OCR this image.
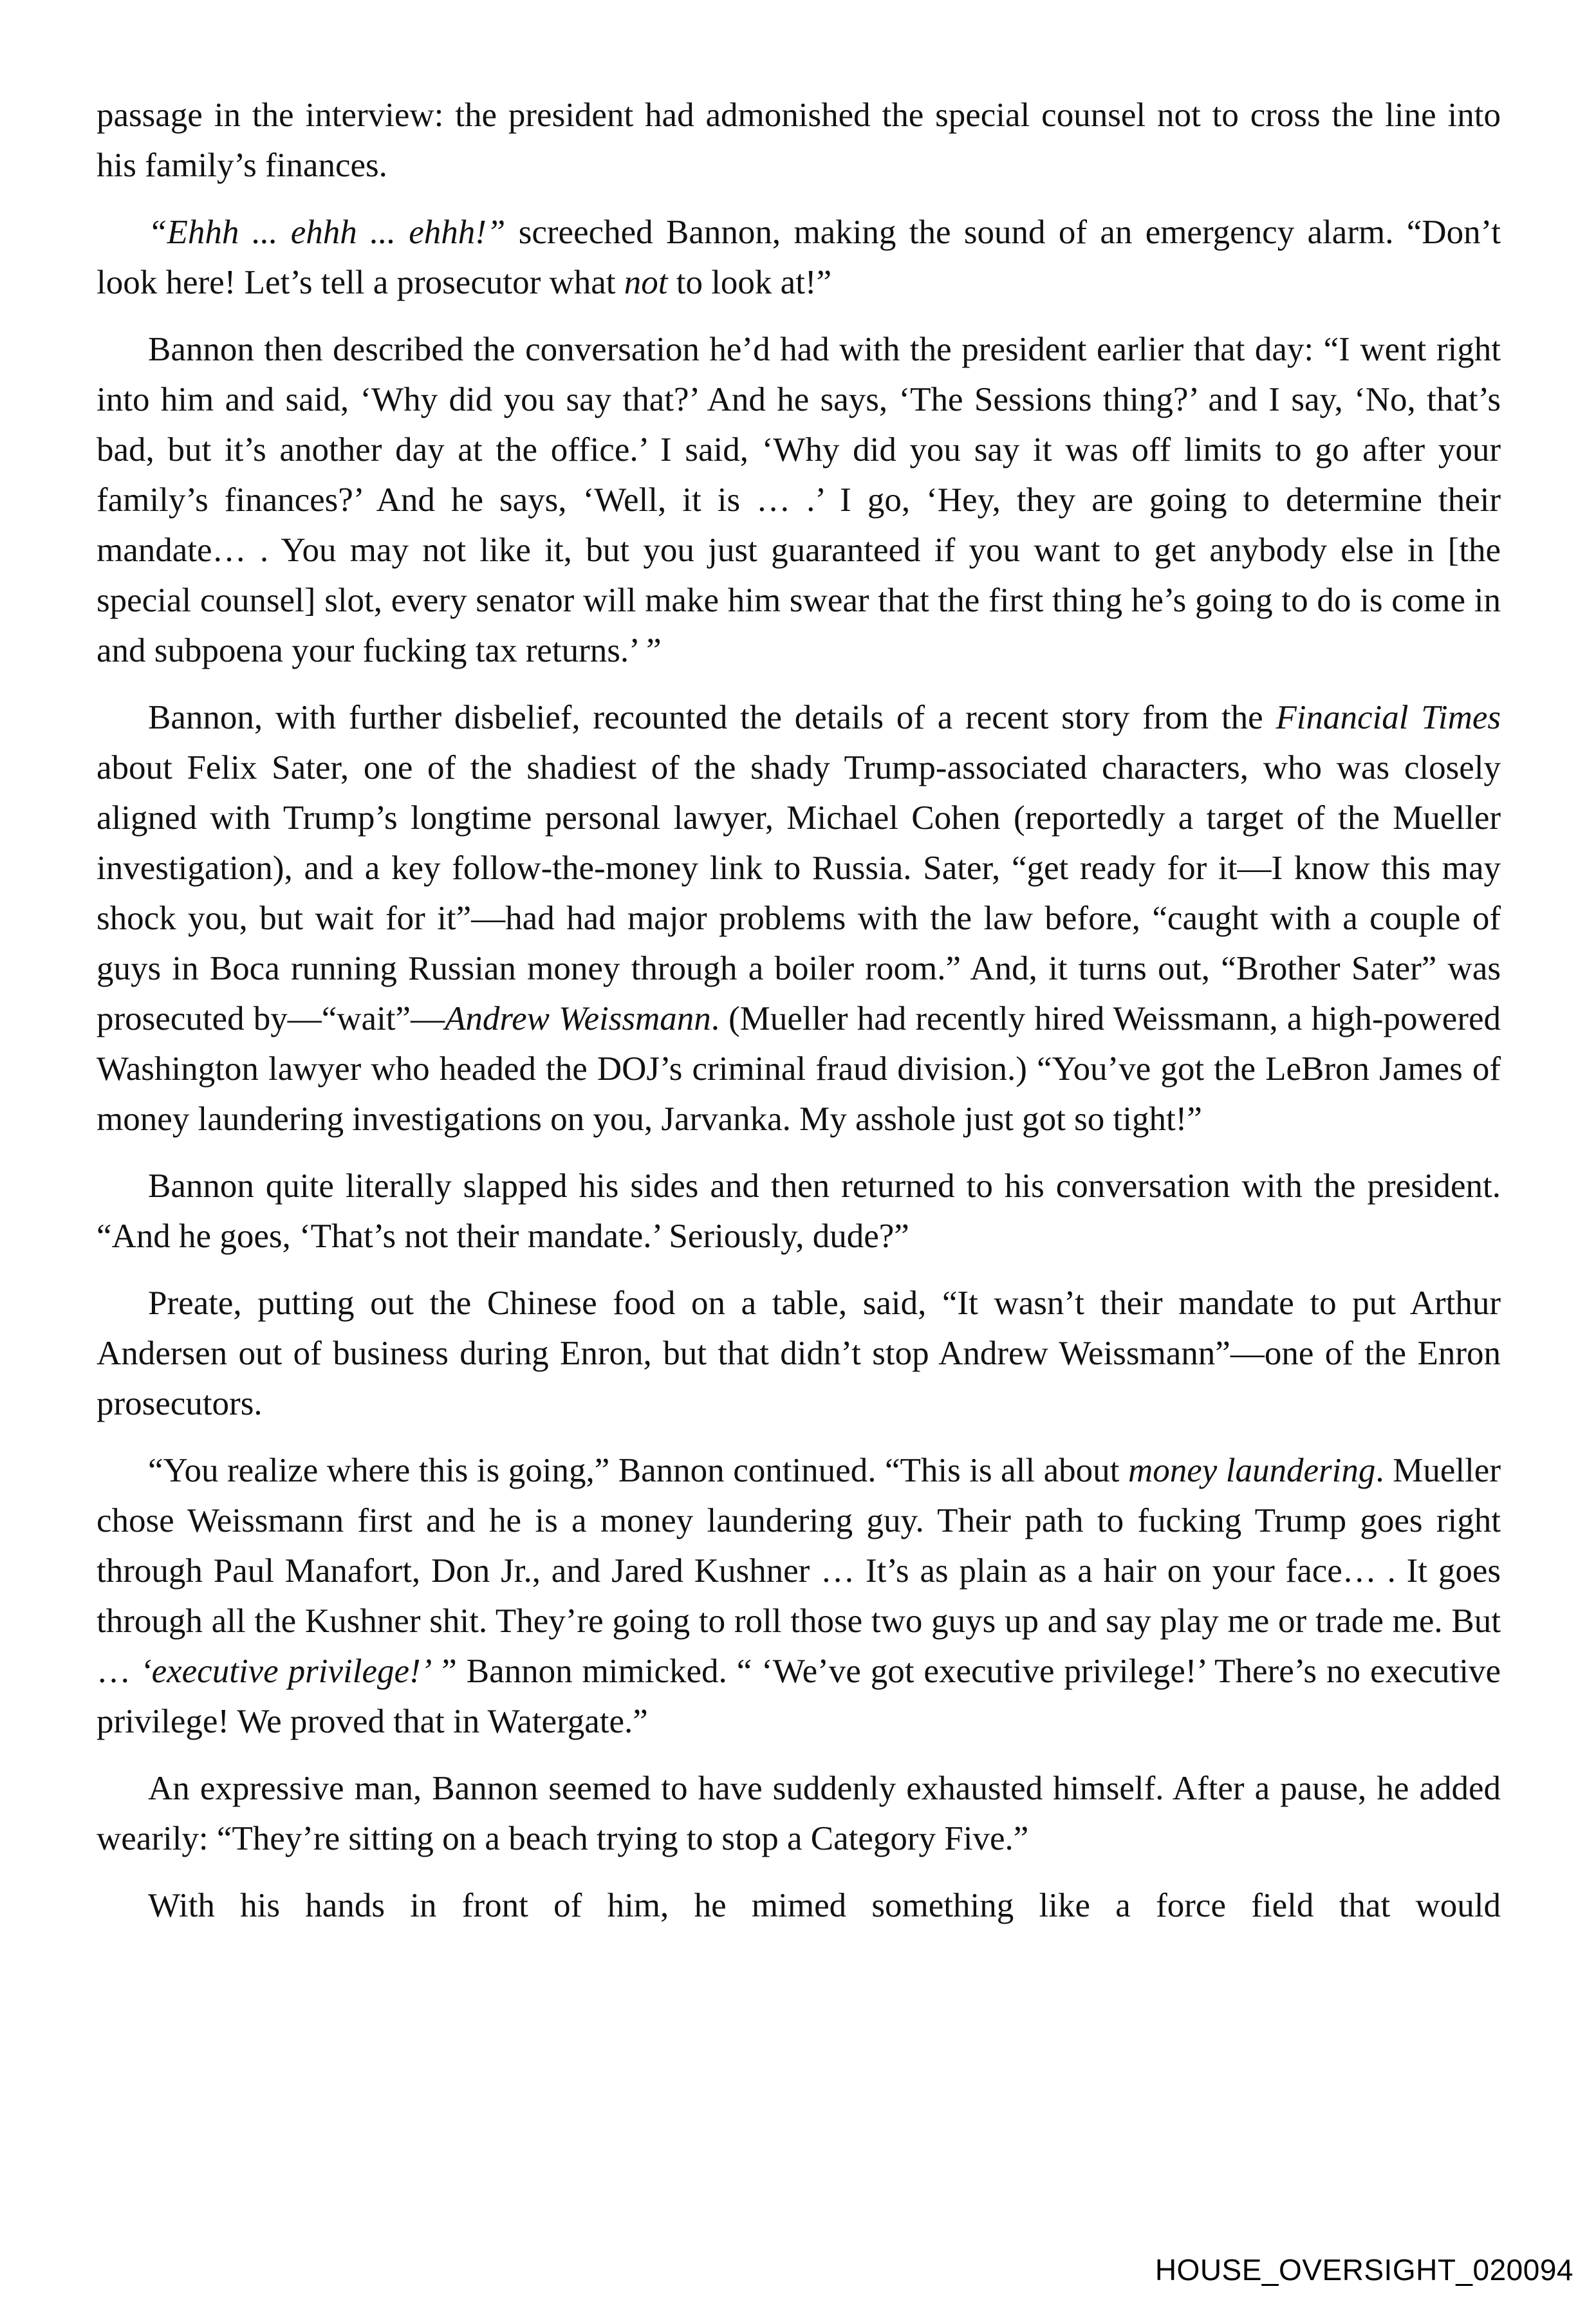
passage in the interview: the president had admonished the special counsel not to cross the line into his family’s finances.

“Ehhh ... ehhh ... ehhh!” screeched Bannon, making the sound of an emergency alarm. “Don’t look here! Let’s tell a prosecutor what not to look at!”

Bannon then described the conversation he’d had with the president earlier that day: “I went right into him and said, ‘Why did you say that?’ And he says, ‘The Sessions thing?’ and I say, ‘No, that’s bad, but it’s another day at the office.’ I said, ‘Why did you say it was off limits to go after your family’s finances?’ And he says, ‘Well, it is … .’ I go, ‘Hey, they are going to determine their mandate… . You may not like it, but you just guaranteed if you want to get anybody else in [the special counsel] slot, every senator will make him swear that the first thing he’s going to do is come in and subpoena your fucking tax returns.’ ”

Bannon, with further disbelief, recounted the details of a recent story from the Financial Times about Felix Sater, one of the shadiest of the shady Trump-associated characters, who was closely aligned with Trump’s longtime personal lawyer, Michael Cohen (reportedly a target of the Mueller investigation), and a key follow-the-money link to Russia. Sater, “get ready for it—I know this may shock you, but wait for it”—had had major problems with the law before, “caught with a couple of guys in Boca running Russian money through a boiler room.” And, it turns out, “Brother Sater” was prosecuted by—“wait”—Andrew Weissmann. (Mueller had recently hired Weissmann, a high-powered Washington lawyer who headed the DOJ’s criminal fraud division.) “You’ve got the LeBron James of money laundering investigations on you, Jarvanka. My asshole just got so tight!”

Bannon quite literally slapped his sides and then returned to his conversation with the president. “And he goes, ‘That’s not their mandate.’ Seriously, dude?”

Preate, putting out the Chinese food on a table, said, “It wasn’t their mandate to put Arthur Andersen out of business during Enron, but that didn’t stop Andrew Weissmann”—one of the Enron prosecutors.

“You realize where this is going,” Bannon continued. “This is all about money laundering. Mueller chose Weissmann first and he is a money laundering guy. Their path to fucking Trump goes right through Paul Manafort, Don Jr., and Jared Kushner … It’s as plain as a hair on your face… . It goes through all the Kushner shit. They’re going to roll those two guys up and say play me or trade me. But … ‘executive privilege!’ ” Bannon mimicked. “ ‘We’ve got executive privilege!’ There’s no executive privilege! We proved that in Watergate.”

An expressive man, Bannon seemed to have suddenly exhausted himself. After a pause, he added wearily: “They’re sitting on a beach trying to stop a Category Five.”

With his hands in front of him, he mimed something like a force field that would

HOUSE_OVERSIGHT_020094
